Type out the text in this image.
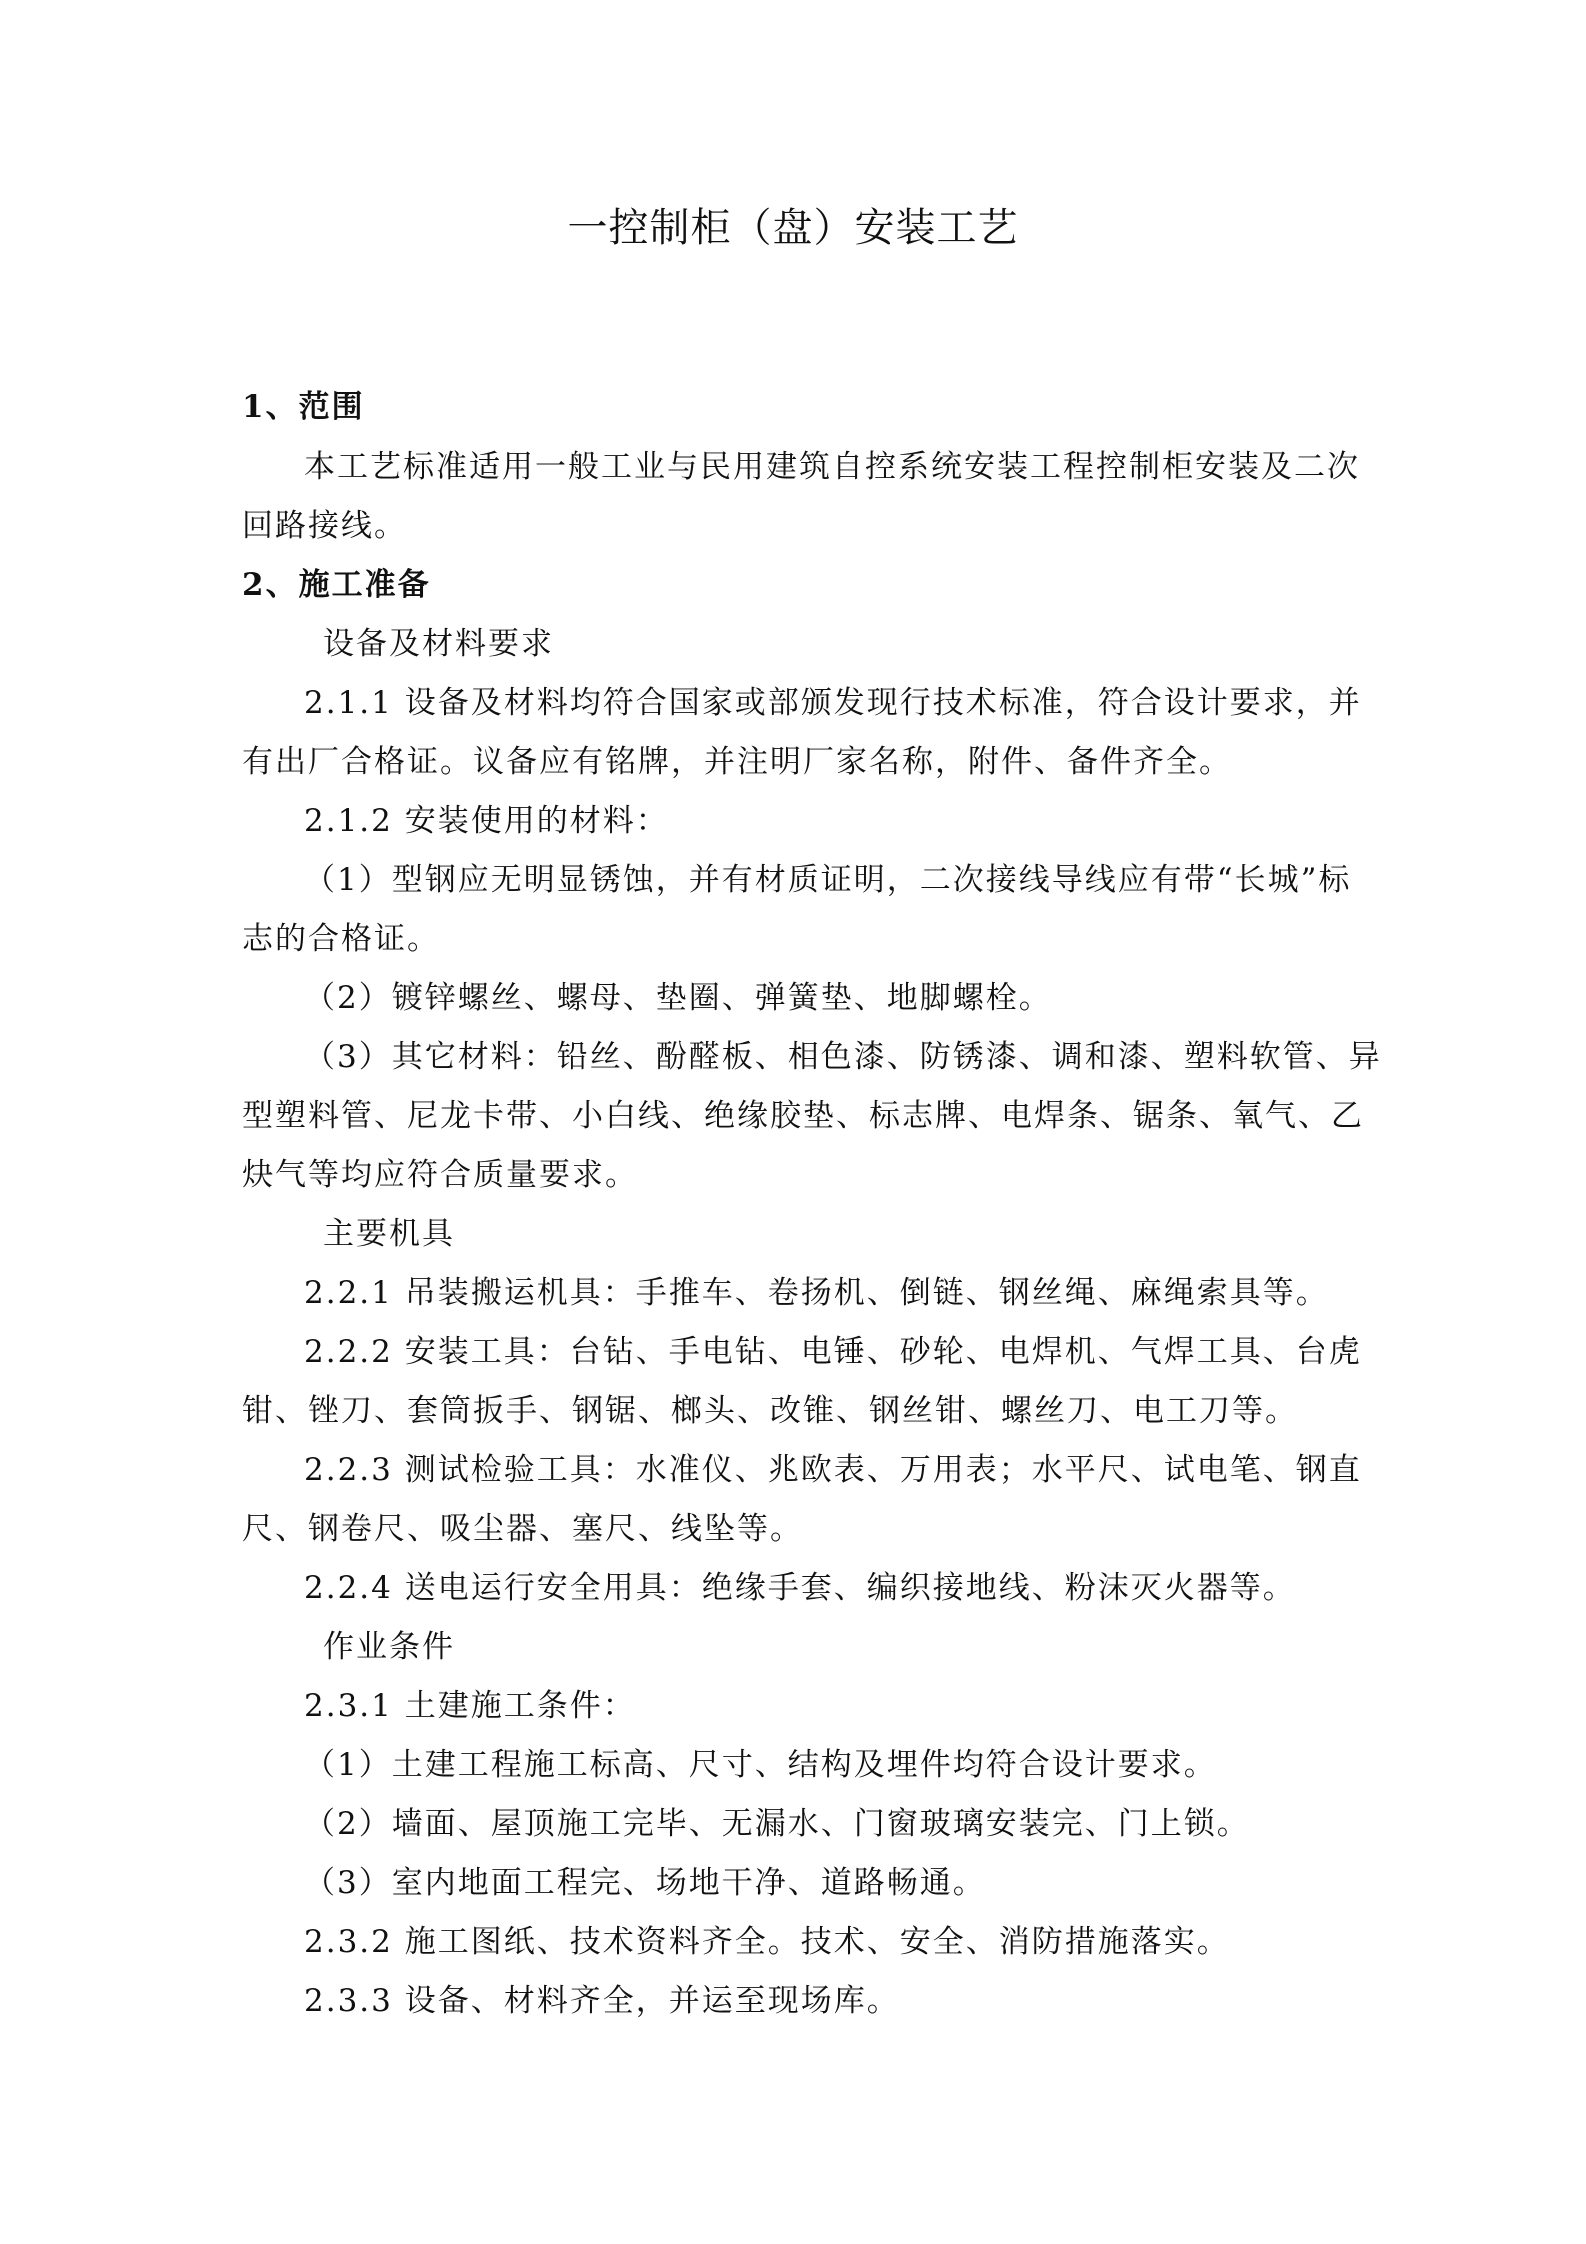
一控制柜（盘）安装工艺
1、范围
本工艺标准适用一般工业与民用建筑自控系统安装工程控制柜安装及二次
回路接线。
2、施工准备
设备及材料要求
2.1.1 设备及材料均符合国家或部颁发现行技术标准，符合设计要求，并
有出厂合格证。议备应有铭牌，并注明厂家名称，附件、备件齐全。
2.1.2 安装使用的材料：
（1）型钢应无明显锈蚀，并有材质证明，二次接线导线应有带“长城”标
志的合格证。
（2）镀锌螺丝、螺母、垫圈、弹簧垫、地脚螺栓。
（3）其它材料：铅丝、酚醛板、相色漆、防锈漆、调和漆、塑料软管、异
型塑料管、尼龙卡带、小白线、绝缘胶垫、标志牌、电焊条、锯条、氧气、乙
炔气等均应符合质量要求。
主要机具
2.2.1 吊装搬运机具：手推车、卷扬机、倒链、钢丝绳、麻绳索具等。
2.2.2 安装工具：台钻、手电钻、电锤、砂轮、电焊机、气焊工具、台虎
钳、锉刀、套筒扳手、钢锯、榔头、改锥、钢丝钳、螺丝刀、电工刀等。
2.2.3 测试检验工具：水准仪、兆欧表、万用表；水平尺、试电笔、钢直
尺、钢卷尺、吸尘器、塞尺、线坠等。
2.2.4 送电运行安全用具：绝缘手套、编织接地线、粉沫灭火器等。
作业条件
2.3.1 土建施工条件：
（1）土建工程施工标高、尺寸、结构及埋件均符合设计要求。
（2）墙面、屋顶施工完毕、无漏水、门窗玻璃安装完、门上锁。
（3）室内地面工程完、场地干净、道路畅通。
2.3.2 施工图纸、技术资料齐全。技术、安全、消防措施落实。
2.3.3 设备、材料齐全，并运至现场库。
